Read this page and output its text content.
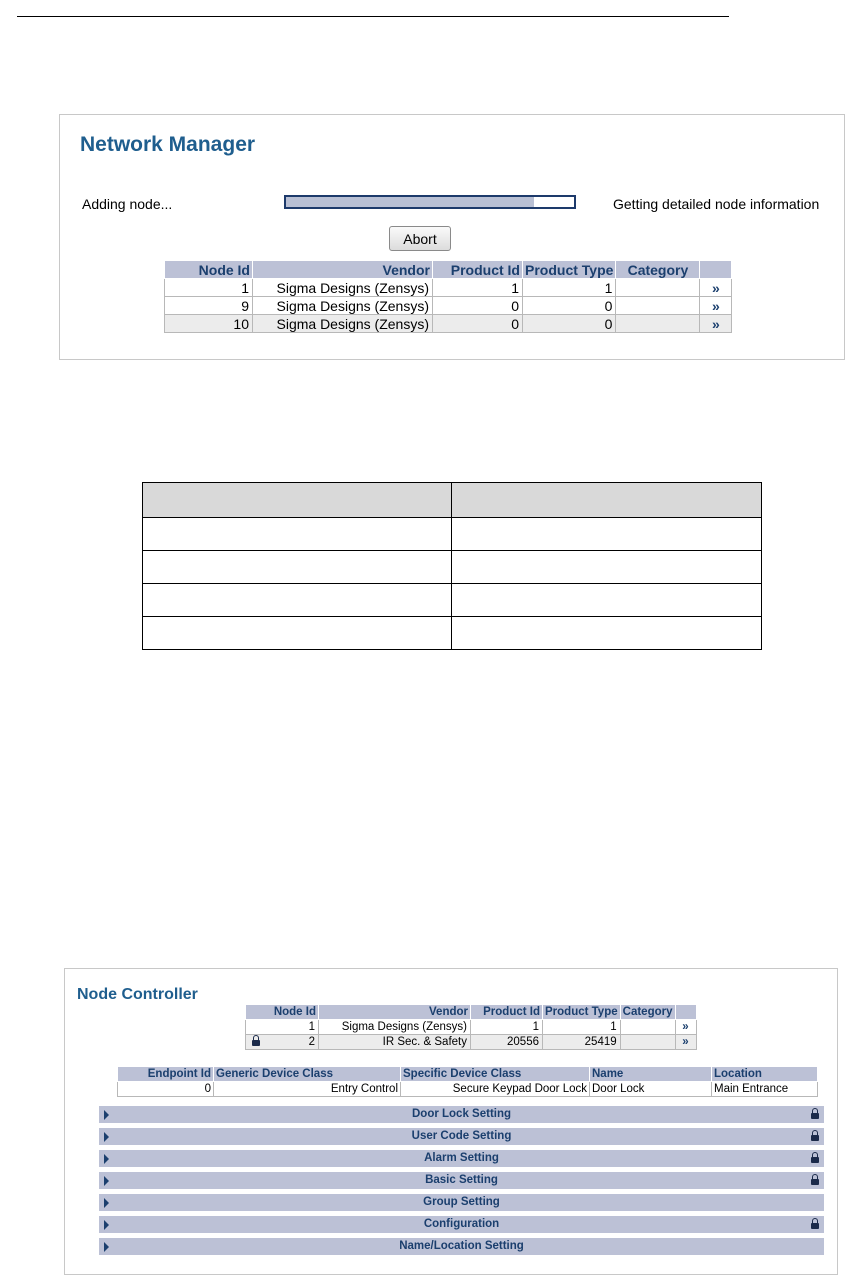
Network Manager
Adding node...	Getting detailed node information
Abort
Node Id	Vendor	Product Id	Product Type	Category	
1	Sigma Designs (Zensys)	1	1		»
9	Sigma Designs (Zensys)	0	0		»
10	Sigma Designs (Zensys)	0	0		»

Node Controller
Node Id	Vendor	Product Id	Product Type	Category	
1	Sigma Designs (Zensys)	1	1		»

2	IR Sec. & Safety	20556	25419		»
Endpoint Id	Generic Device Class	Specific Device Class	Name	Location
0	Entry Control	Secure Keypad Door Lock	Door Lock	Main Entrance
Door Lock Setting
User Code Setting
Alarm Setting
Basic Setting
Group Setting
Configuration
Name/Location Setting
